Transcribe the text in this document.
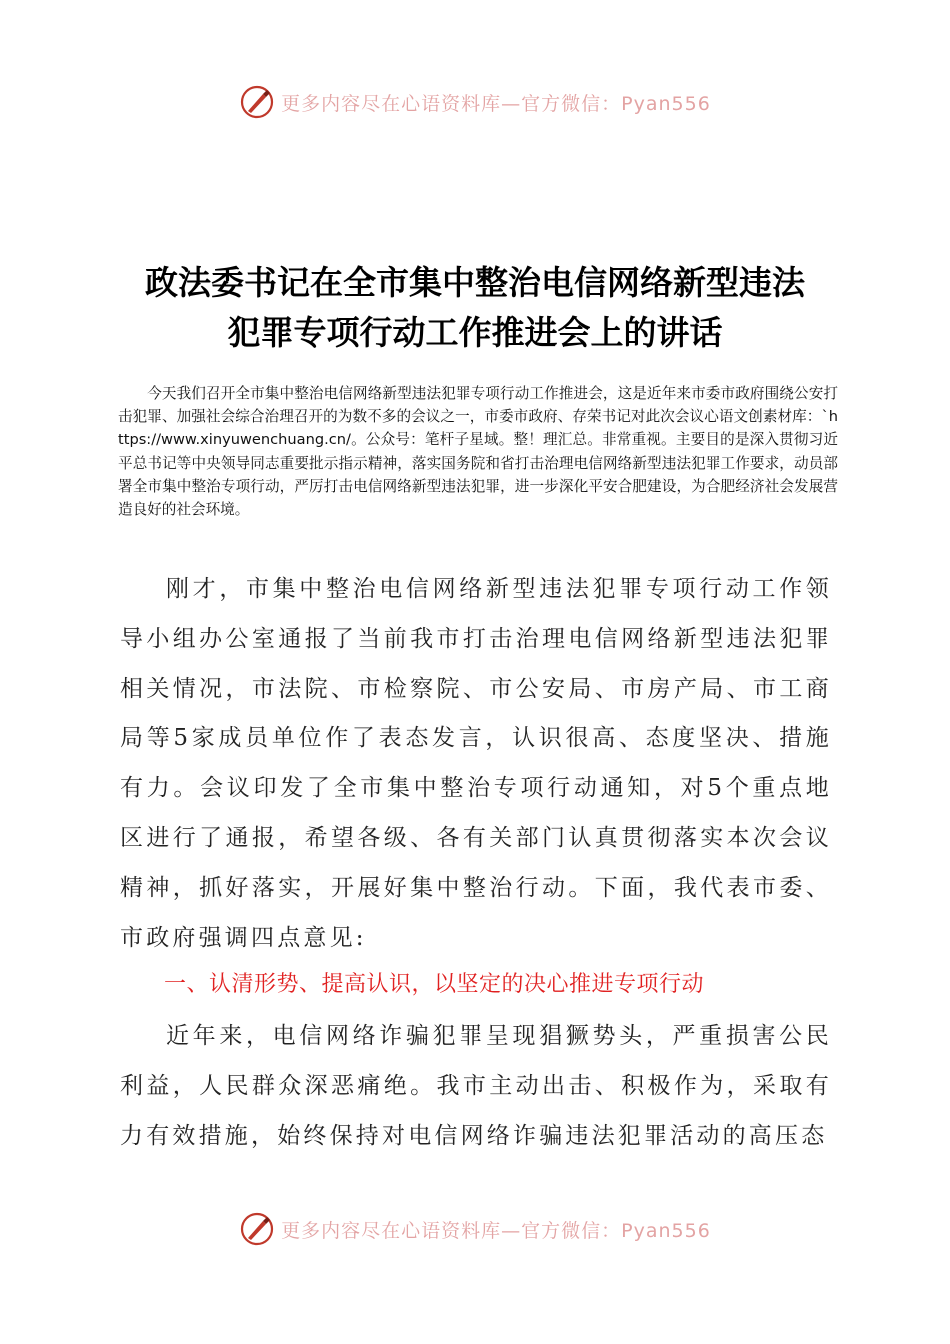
更多内容尽在心语资料库—官方微信：Pyan556
政法委书记在全市集中整治电信网络新型违法
犯罪专项行动工作推进会上的讲话
今天我们召开全市集中整治电信网络新型违法犯罪专项行动工作推进会，这是近年来市委市政府围绕公安打击犯罪、加强社会综合治理召开的为数不多的会议之一，市委市政府、存荣书记对此次会议心语文创素材库：`https://www.xinyuwenchuang.cn/。公众号：笔杆子星域。整！理汇总。非常重视。主要目的是深入贯彻习近平总书记等中央领导同志重要批示指示精神，落实国务院和省打击治理电信网络新型违法犯罪工作要求，动员部署全市集中整治专项行动，严厉打击电信网络新型违法犯罪，进一步深化平安合肥建设，为合肥经济社会发展营造良好的社会环境。
刚才，市集中整治电信网络新型违法犯罪专项行动工作领导小组办公室通报了当前我市打击治理电信网络新型违法犯罪相关情况，市法院、市检察院、市公安局、市房产局、市工商局等5家成员单位作了表态发言，认识很高、态度坚决、措施有力。会议印发了全市集中整治专项行动通知，对5个重点地区进行了通报，希望各级、各有关部门认真贯彻落实本次会议精神，抓好落实，开展好集中整治行动。下面，我代表市委、市政府强调四点意见:
一、认清形势、提高认识，以坚定的决心推进专项行动
近年来，电信网络诈骗犯罪呈现猖獗势头，严重损害公民利益，人民群众深恶痛绝。我市主动出击、积极作为，采取有力有效措施，始终保持对电信网络诈骗违法犯罪活动的高压态
更多内容尽在心语资料库—官方微信：Pyan556
